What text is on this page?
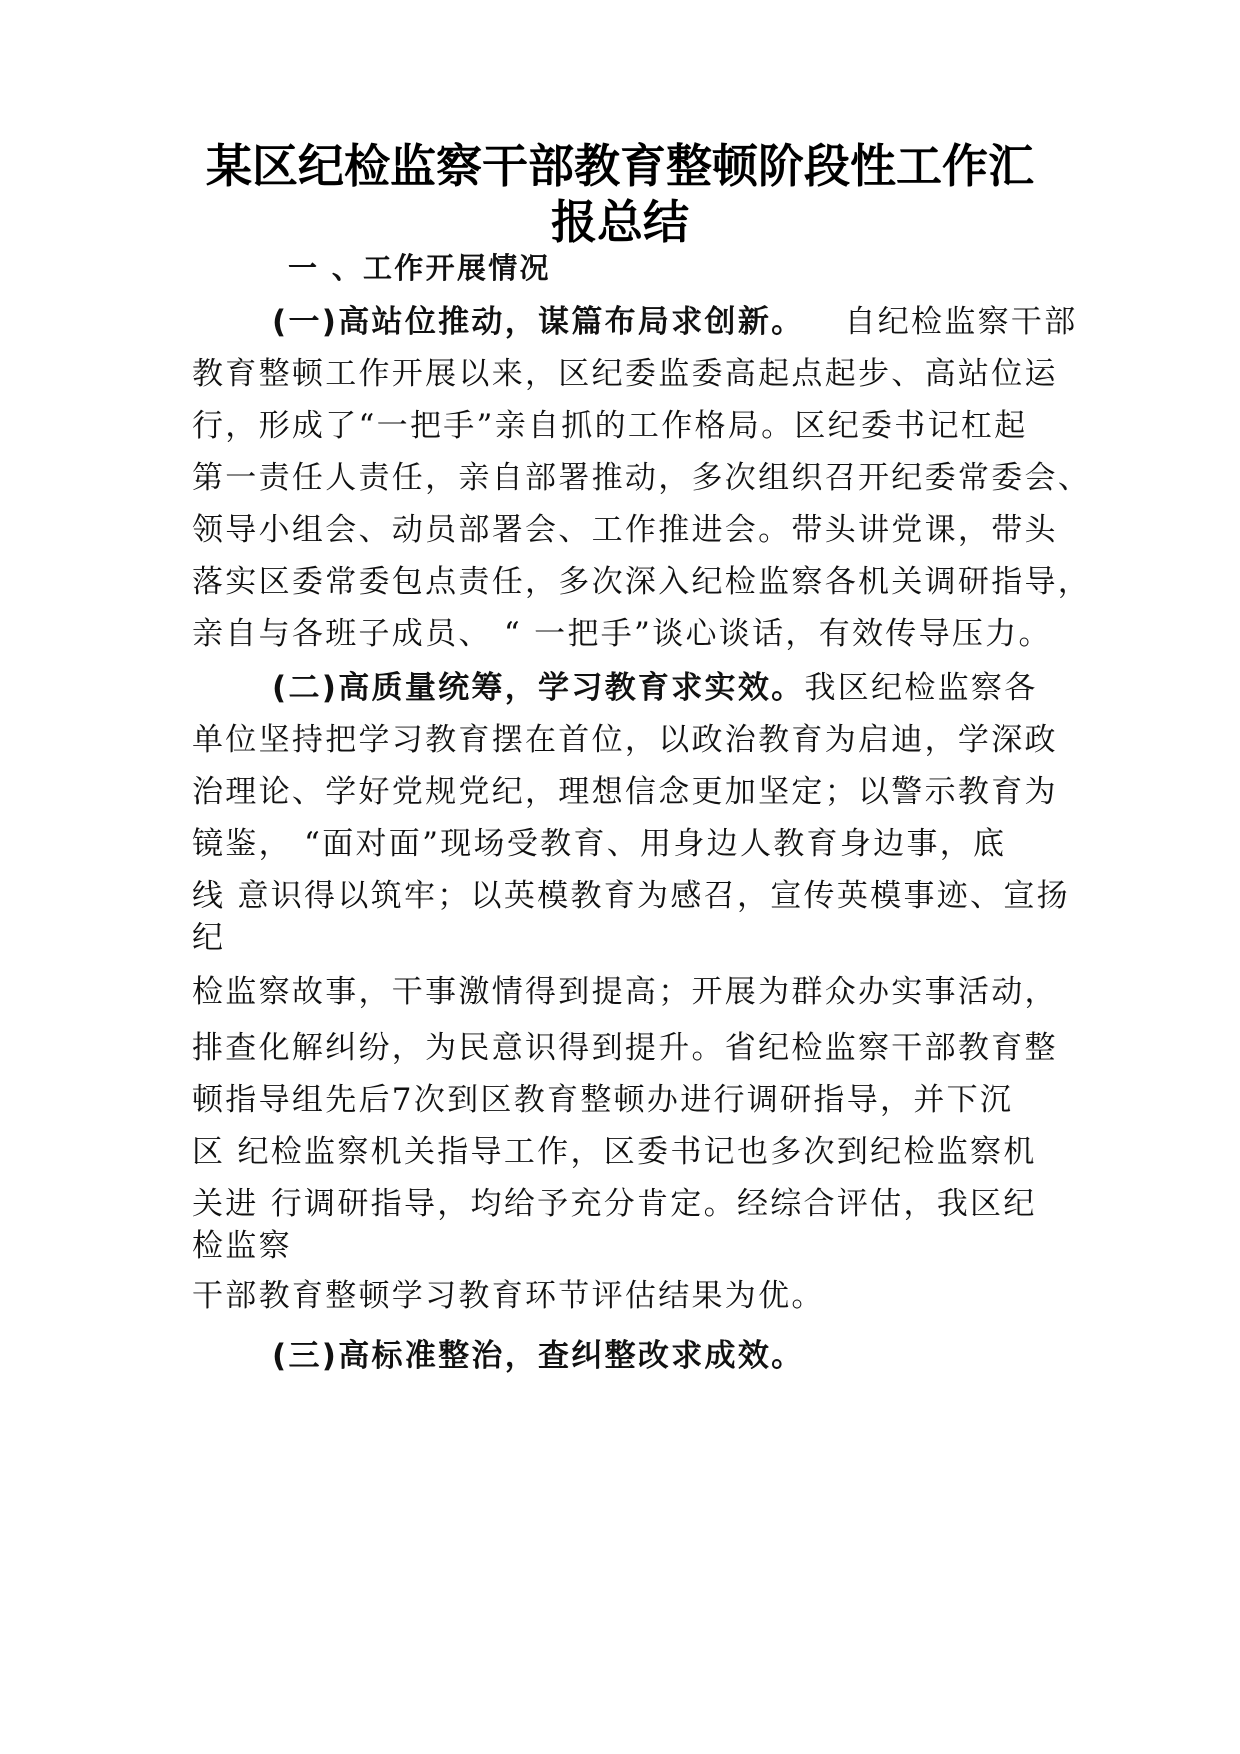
某区纪检监察干部教育整顿阶段性工作汇
报总结
一 、工作开展情况
(一)高站位推动，谋篇布局求创新。 自纪检监察干部
教育整顿工作开展以来，区纪委监委高起点起步、高站位运
行，形成了“一把手”亲自抓的工作格局。区纪委书记杠起
第一责任人责任，亲自部署推动，多次组织召开纪委常委会、
领导小组会、动员部署会、工作推进会。带头讲党课，带头
落实区委常委包点责任，多次深入纪检监察各机关调研指导，
亲自与各班子成员、 “ 一把手”谈心谈话，有效传导压力。
(二)高质量统筹，学习教育求实效。我区纪检监察各
单位坚持把学习教育摆在首位，以政治教育为启迪，学深政
治理论、学好党规党纪，理想信念更加坚定；以警示教育为
镜鉴， “面对面”现场受教育、用身边人教育身边事，底
线 意识得以筑牢；以英模教育为感召，宣传英模事迹、宣扬
纪
检监察故事，干事激情得到提高；开展为群众办实事活动，
排查化解纠纷，为民意识得到提升。省纪检监察干部教育整
顿指导组先后7次到区教育整顿办进行调研指导，并下沉
区 纪检监察机关指导工作，区委书记也多次到纪检监察机
关进 行调研指导，均给予充分肯定。经综合评估，我区纪
检监察
干部教育整顿学习教育环节评估结果为优。
(三)高标准整治，查纠整改求成效。
